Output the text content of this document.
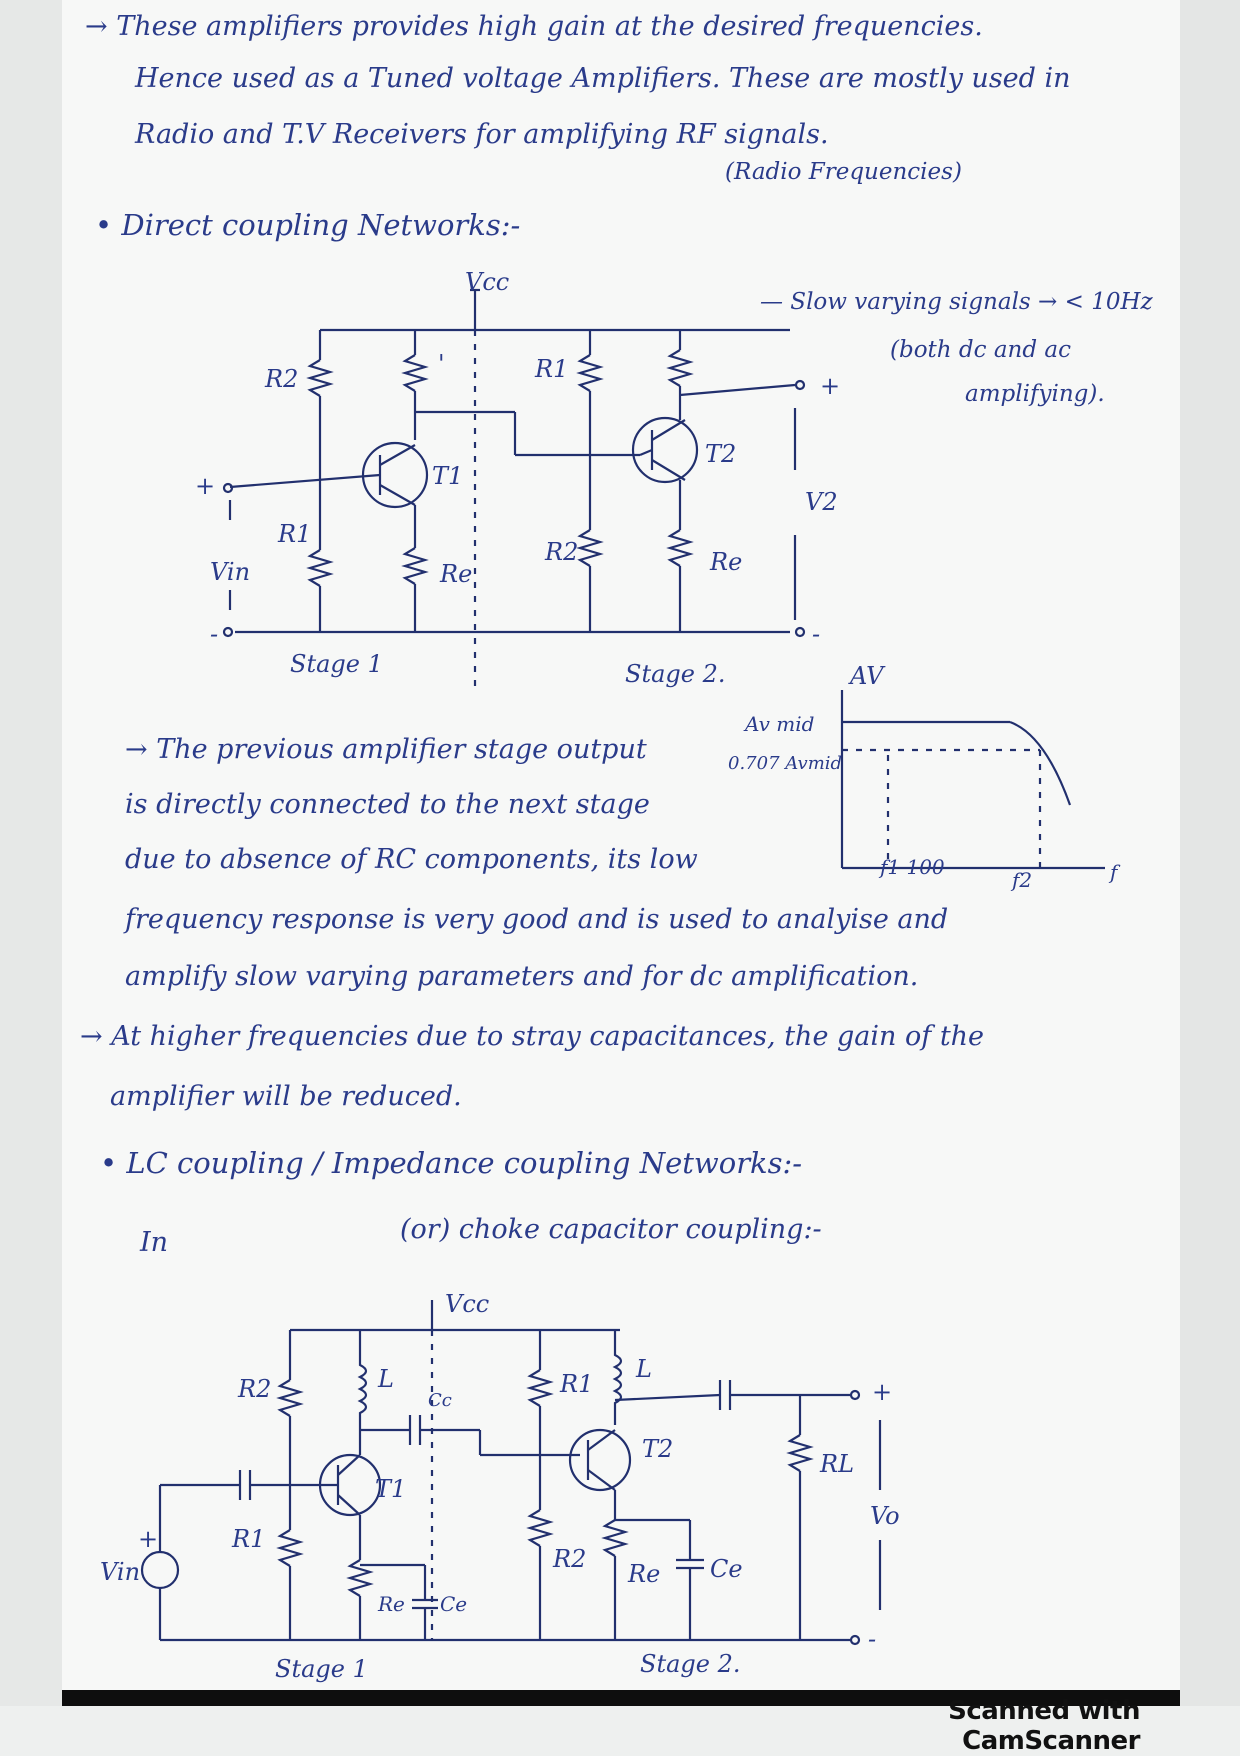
→ These amplifiers provides high gain at the desired frequencies.
Hence used as a Tuned voltage Amplifiers. These are mostly used in
Radio and T.V Receivers for amplifying RF signals.
(Radio Frequencies)
• Direct coupling Networks:-
— Slow varying signals → < 10Hz
(both dc and ac
amplifying).
→ The previous amplifier stage output
is directly connected to the next stage
due to absence of RC components, its low
frequency response is very good and is used to analyise and
amplify slow varying parameters and for dc amplification.
→ At higher frequencies due to stray capacitances, the gain of the
amplifier will be reduced.
• LC coupling / Impedance coupling Networks:-
In	(or) choke capacitor coupling:-
Vcc
R2
'	R1
R1
Re	Re
R2
T1
T2
Vin
+
-
V2
+
-
Stage 1	Stage 2.	AV
Av mid
0.707 Avmid
f1 100
f2	f
Vcc
R2	L
Cc
T1
R1
Re Ce
R1
L
T2
R2
Re Ce
RL
Vo
Vin
+
+
-
Stage 1	Stage 2.
Scanned with CamScanner
